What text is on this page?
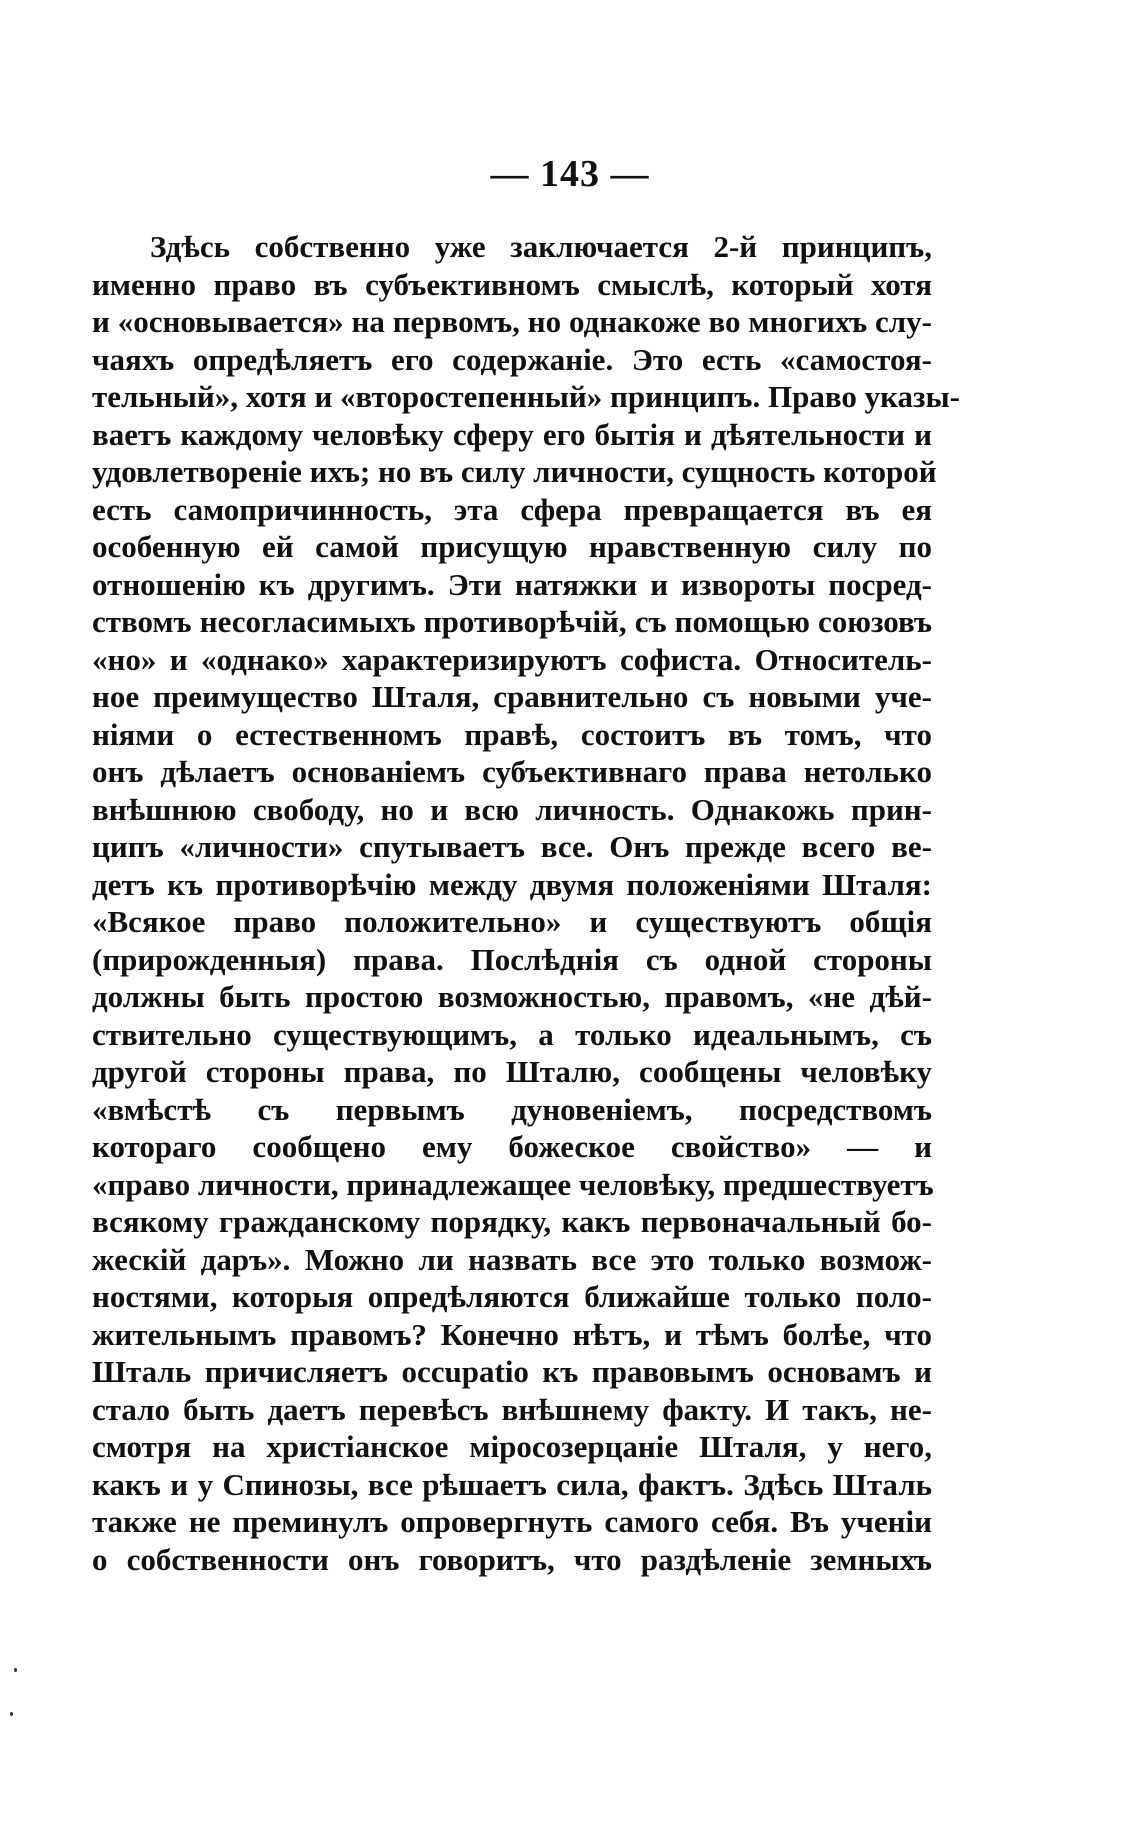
— 143 —
Здѣсь собственно уже заключается 2-й принципъ,
именно право въ субъективномъ смыслѣ, который хотя
и «основывается» на первомъ, но однакоже во многихъ слу-
чаяхъ опредѣляетъ его содержаніе. Это есть «самостоя-
тельный», хотя и «второстепенный» принципъ. Право указы-
ваетъ каждому человѣку сферу его бытія и дѣятельности и
удовлетвореніе ихъ; но въ силу личности, сущность которой
есть самопричинность, эта сфера превращается въ ея
особенную ей самой присущую нравственную силу по
отношенію къ другимъ. Эти натяжки и извороты посред-
ствомъ несогласимыхъ противорѣчій, съ помощью союзовъ
«но» и «однако» характеризируютъ софиста. Относитель-
ное преимущество Шталя, сравнительно съ новыми уче-
ніями о естественномъ правѣ, состоитъ въ томъ, что
онъ дѣлаетъ основаніемъ субъективнаго права нетолько
внѣшнюю свободу, но и всю личность. Однакожь прин-
ципъ «личности» спутываетъ все. Онъ прежде всего ве-
детъ къ противорѣчію между двумя положеніями Шталя:
«Всякое право положительно» и существуютъ общія
(прирожденныя) права. Послѣднія съ одной стороны
должны быть простою возможностью, правомъ, «не дѣй-
ствительно существующимъ, а только идеальнымъ, съ
другой стороны права, по Шталю, сообщены человѣку
«вмѣстѣ съ первымъ дуновеніемъ, посредствомъ
котораго сообщено ему божеское свойство» — и
«право личности, принадлежащее человѣку, предшествуетъ
всякому гражданскому порядку, какъ первоначальный бо-
жескій даръ». Можно ли назвать все это только возмож-
ностями, которыя опредѣляются ближайше только поло-
жительнымъ правомъ? Конечно нѣтъ, и тѣмъ болѣе, что
Шталь причисляетъ occupatio къ правовымъ основамъ и
стало быть даетъ перевѣсъ внѣшнему факту. И такъ, не-
смотря на христіанское міросозерцаніе Шталя, у него,
какъ и у Спинозы, все рѣшаетъ сила, фактъ. Здѣсь Шталь
также не преминулъ опровергнуть самого себя. Въ ученіи
о собственности онъ говоритъ, что раздѣленіе земныхъ
